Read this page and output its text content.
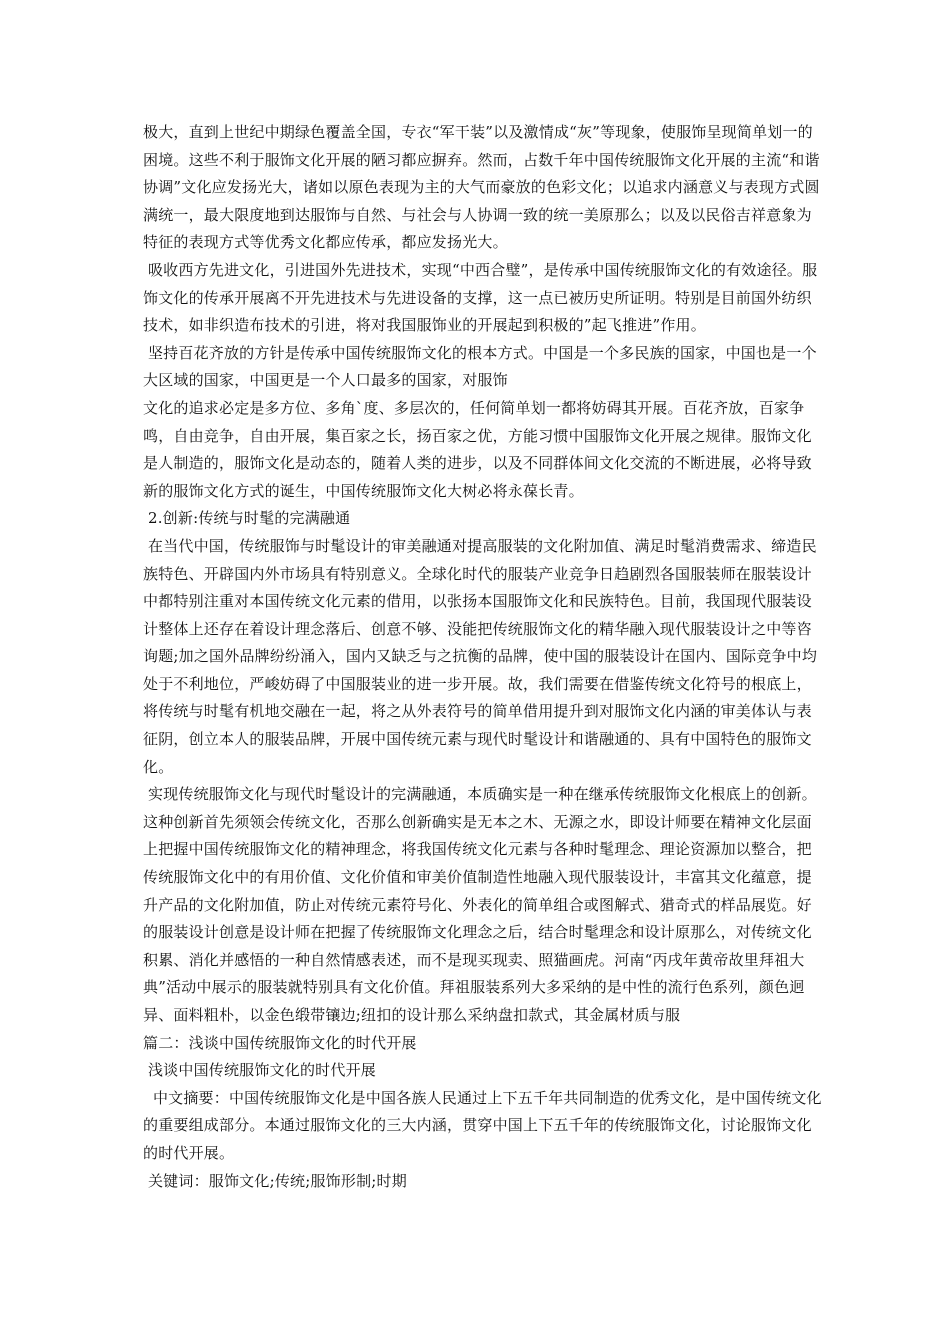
极大，直到上世纪中期绿色覆盖全国，专衣“军干装”以及激情成“灰”等现象，使服饰呈现简单划一的困境。这些不利于服饰文化开展的陋习都应摒弃。然而，占数千年中国传统服饰文化开展的主流“和谐协调”文化应发扬光大，诸如以原色表现为主的大气而豪放的色彩文化；以追求内涵意义与表现方式圆满统一，最大限度地到达服饰与自然、与社会与人协调一致的统一美原那么；以及以民俗吉祥意象为特征的表现方式等优秀文化都应传承，都应发扬光大。

吸收西方先进文化，引进国外先进技术，实现“中西合璧”，是传承中国传统服饰文化的有效途径。服饰文化的传承开展离不开先进技术与先进设备的支撑，这一点已被历史所证明。特别是目前国外纺织技术，如非织造布技术的引进，将对我国服饰业的开展起到积极的”起飞推进”作用。

坚持百花齐放的方针是传承中国传统服饰文化的根本方式。中国是一个多民族的国家，中国也是一个大区域的国家，中国更是一个人口最多的国家，对服饰

文化的追求必定是多方位、多角`度、多层次的，任何简单划一都将妨碍其开展。百花齐放，百家争鸣，自由竞争，自由开展，集百家之长，扬百家之优，方能习惯中国服饰文化开展之规律。服饰文化是人制造的，服饰文化是动态的，随着人类的进步，以及不同群体间文化交流的不断进展，必将导致新的服饰文化方式的诞生，中国传统服饰文化大树必将永葆长青。

2.创新:传统与时髦的完满融通

在当代中国，传统服饰与时髦设计的审美融通对提高服装的文化附加值、满足时髦消费需求、缔造民族特色、开辟国内外市场具有特别意义。全球化时代的服装产业竞争日趋剧烈各国服装师在服装设计中都特别注重对本国传统文化元素的借用，以张扬本国服饰文化和民族特色。目前，我国现代服装设计整体上还存在着设计理念落后、创意不够、没能把传统服饰文化的精华融入现代服装设计之中等咨询题;加之国外品牌纷纷涌入，国内又缺乏与之抗衡的品牌，使中国的服装设计在国内、国际竞争中均处于不利地位，严峻妨碍了中国服装业的进一步开展。故，我们需要在借鉴传统文化符号的根底上，将传统与时髦有机地交融在一起，将之从外表符号的简单借用提升到对服饰文化内涵的审美体认与表征阴，创立本人的服装品牌，开展中国传统元素与现代时髦设计和谐融通的、具有中国特色的服饰文化。

实现传统服饰文化与现代时髦设计的完满融通，本质确实是一种在继承传统服饰文化根底上的创新。这种创新首先须领会传统文化，否那么创新确实是无本之木、无源之水，即设计师要在精神文化层面上把握中国传统服饰文化的精神理念，将我国传统文化元素与各种时髦理念、理论资源加以整合，把传统服饰文化中的有用价值、文化价值和审美价值制造性地融入现代服装设计，丰富其文化蕴意，提升产品的文化附加值，防止对传统元素符号化、外表化的简单组合或图解式、猎奇式的样品展览。好的服装设计创意是设计师在把握了传统服饰文化理念之后，结合时髦理念和设计原那么，对传统文化积累、消化并感悟的一种自然情感表述，而不是现买现卖、照猫画虎。河南“丙戌年黄帝故里拜祖大典”活动中展示的服装就特别具有文化价值。拜祖服装系列大多采纳的是中性的流行色系列，颜色迥异、面料粗朴，以金色缎带镶边;纽扣的设计那么采纳盘扣款式，其金属材质与服

篇二：浅谈中国传统服饰文化的时代开展

浅谈中国传统服饰文化的时代开展

中文摘要：中国传统服饰文化是中国各族人民通过上下五千年共同制造的优秀文化，是中国传统文化的重要组成部分。本通过服饰文化的三大内涵，贯穿中国上下五千年的传统服饰文化，讨论服饰文化的时代开展。

关键词：服饰文化;传统;服饰形制;时期
